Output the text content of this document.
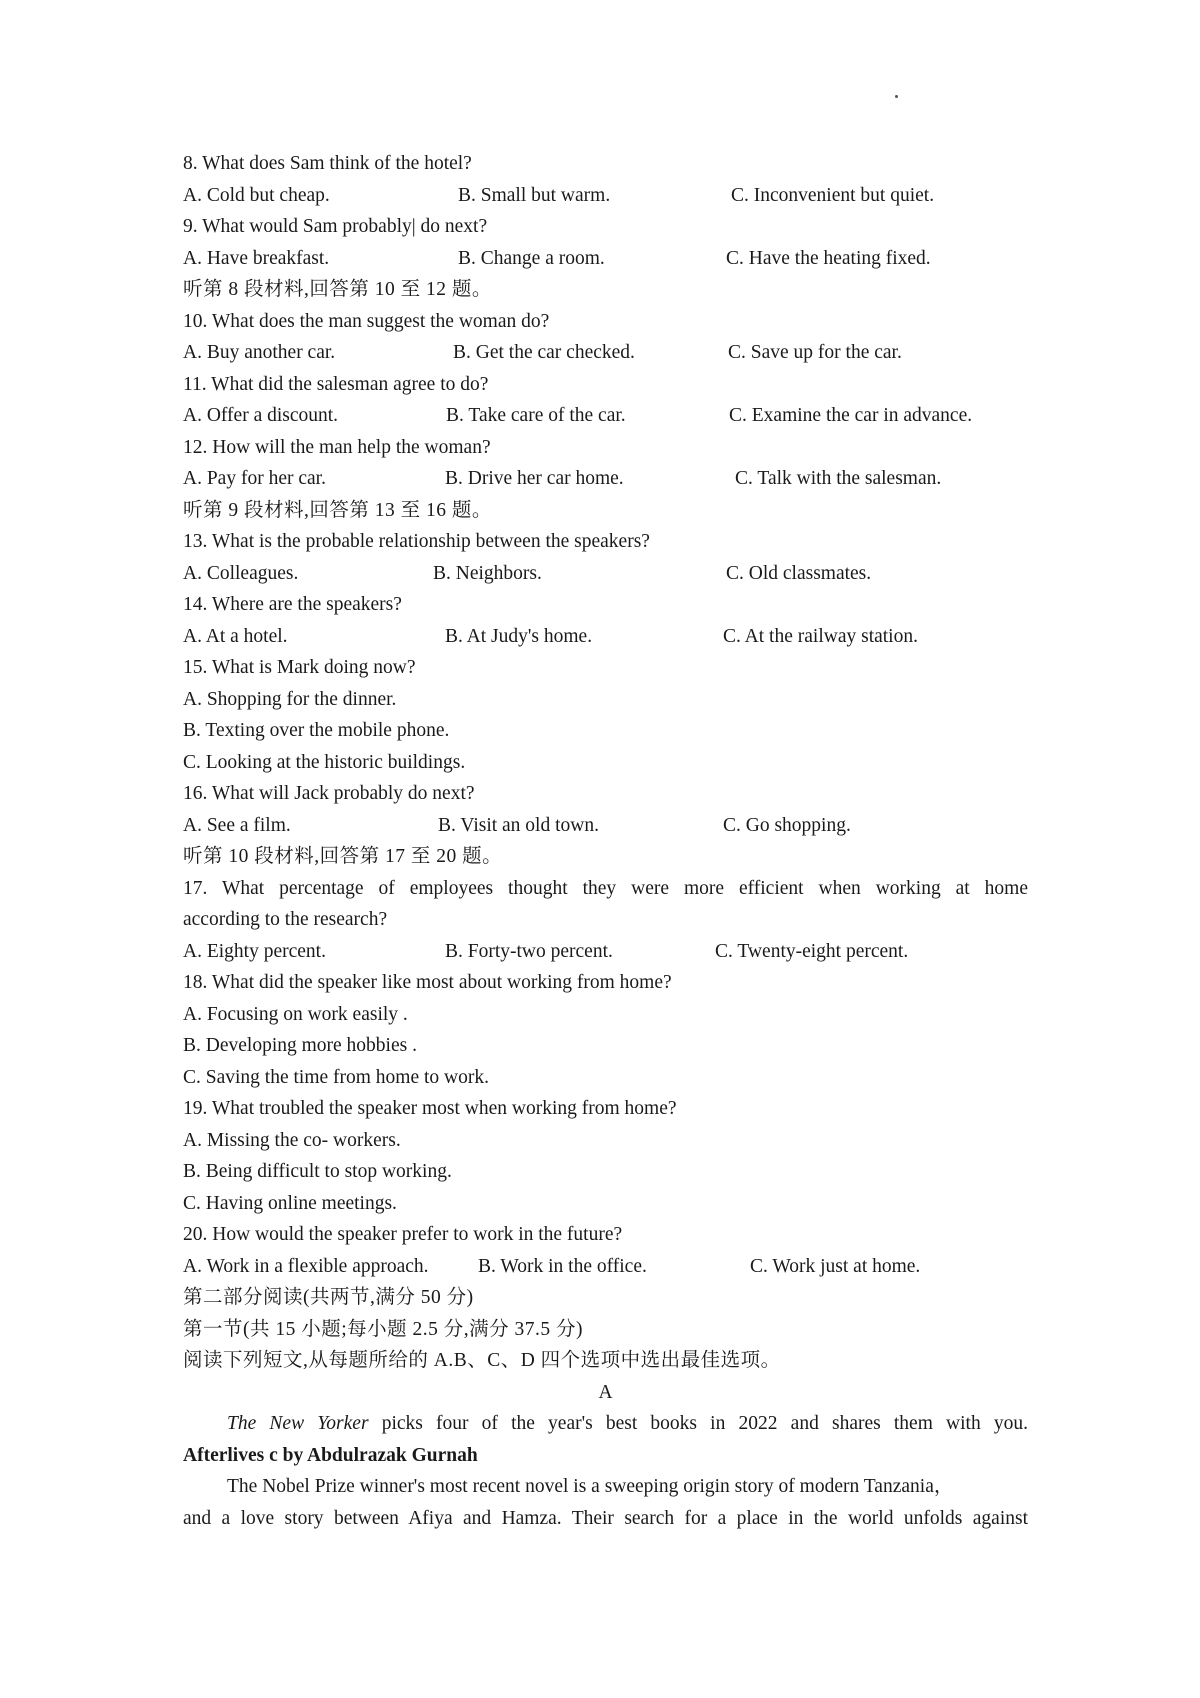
8. What does Sam think of the hotel?
A. Cold but cheap.	B. Small but warm.	C. Inconvenient but quiet.
9. What would Sam probably| do next?
A. Have breakfast.	B. Change a room.	C. Have the heating fixed.
听第 8 段材料,回答第 10 至 12 题。
10. What does the man suggest the woman do?
A. Buy another car.	B. Get the car checked.	C. Save up for the car.
11. What did the salesman agree to do?
A. Offer a discount.	B. Take care of the car.	C. Examine the car in advance.
12. How will the man help the woman?
A. Pay for her car.	B. Drive her car home.	C. Talk with the salesman.
听第 9 段材料,回答第 13 至 16 题。
13. What is the probable relationship between the speakers?
A. Colleagues.	B. Neighbors.	C. Old classmates.
14. Where are the speakers?
A. At a hotel.	B. At Judy's home.	C. At the railway station.
15. What is Mark doing now?
A. Shopping for the dinner.
B. Texting over the mobile phone.
C. Looking at the historic buildings.
16. What will Jack probably do next?
A. See a film.	B. Visit an old town.	C. Go shopping.
听第 10 段材料,回答第 17 至 20 题。
17. What percentage of employees thought they were more efficient when working at home
according to the research?
A. Eighty percent.	B. Forty-two percent.	C. Twenty-eight percent.
18. What did the speaker like most about working from home?
A. Focusing on work easily .
B. Developing more hobbies .
C. Saving the time from home to work.
19. What troubled the speaker most when working from home?
A. Missing the co- workers.
B. Being difficult to stop working.
C. Having online meetings.
20. How would the speaker prefer to work in the future?
A. Work in a flexible approach.	B. Work in the office.	C. Work just at home.
第二部分阅读(共两节,满分 50 分)
第一节(共 15 小题;每小题 2.5 分,满分 37.5 分)
阅读下列短文,从每题所给的 A.B、C、D 四个选项中选出最佳选项。
A
The New Yorker picks four of the year's best books in 2022 and shares them with you.
Afterlives c by Abdulrazak Gurnah
The Nobel Prize winner's most recent novel is a sweeping origin story of modern Tanzania，
and a love story between Afiya and Hamza. Their search for a place in the world unfolds against
